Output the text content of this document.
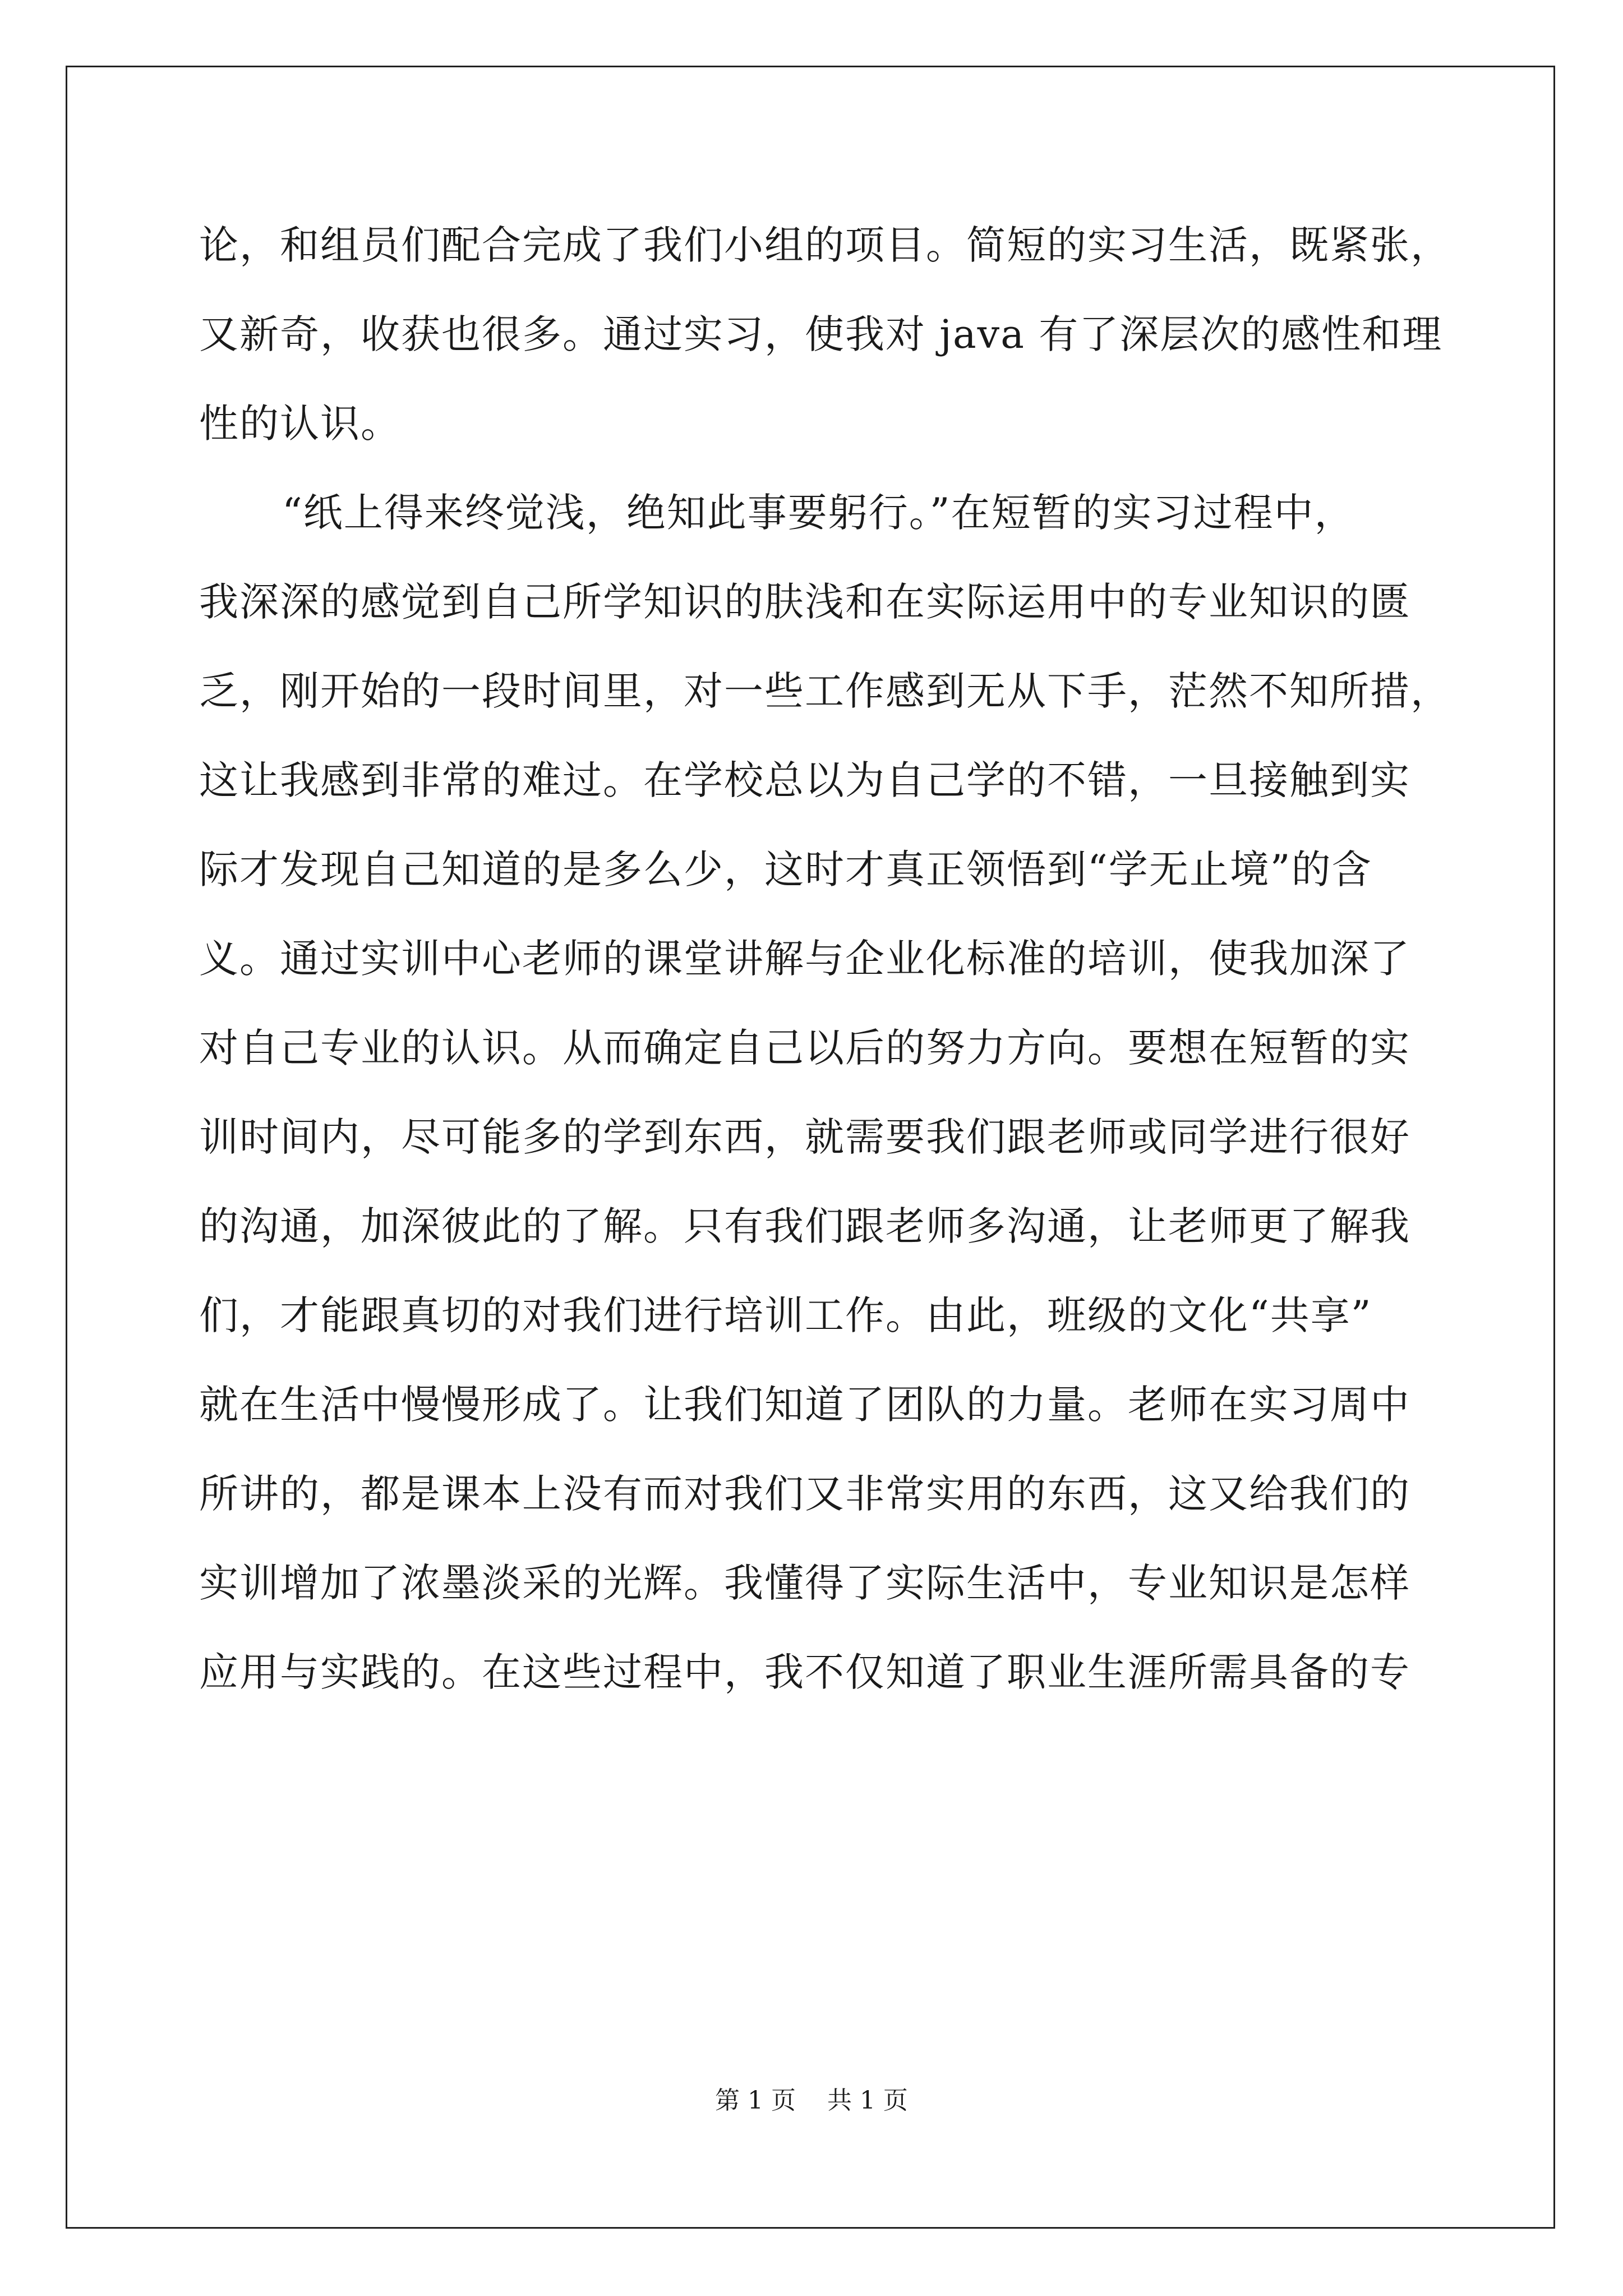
论，和组员们配合完成了我们小组的项目。简短的实习生活，既紧张，
又新奇，收获也很多。通过实习，使我对 java 有了深层次的感性和理
性的认识。
“纸上得来终觉浅，绝知此事要躬行。”在短暂的实习过程中，
我深深的感觉到自己所学知识的肤浅和在实际运用中的专业知识的匮
乏，刚开始的一段时间里，对一些工作感到无从下手，茫然不知所措，
这让我感到非常的难过。在学校总以为自己学的不错，一旦接触到实
际才发现自己知道的是多么少，这时才真正领悟到“学无止境”的含
义。通过实训中心老师的课堂讲解与企业化标准的培训，使我加深了
对自己专业的认识。从而确定自己以后的努力方向。要想在短暂的实
训时间内，尽可能多的学到东西，就需要我们跟老师或同学进行很好
的沟通，加深彼此的了解。只有我们跟老师多沟通，让老师更了解我
们，才能跟真切的对我们进行培训工作。由此，班级的文化“共享”
就在生活中慢慢形成了。让我们知道了团队的力量。老师在实习周中
所讲的，都是课本上没有而对我们又非常实用的东西，这又给我们的
实训增加了浓墨淡采的光辉。我懂得了实际生活中，专业知识是怎样
应用与实践的。在这些过程中，我不仅知道了职业生涯所需具备的专
第 1 页 共 1 页
